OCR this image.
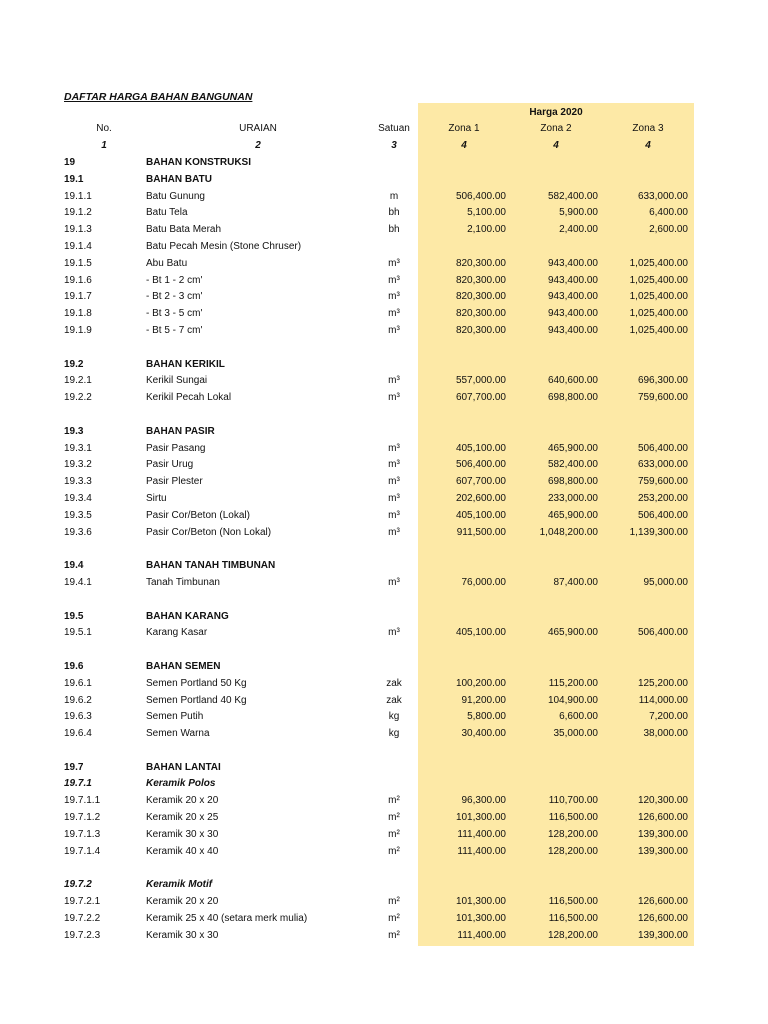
DAFTAR HARGA BAHAN BANGUNAN
Harga 2020
No.	URAIAN	Satuan	Zona 1	Zona 2	Zona 3
1	2	3	4	4	4
19	BAHAN KONSTRUKSI
19.1	BAHAN BATU
19.1.1	Batu Gunung	m	506,400.00	582,400.00	633,000.00
19.1.2	Batu Tela	bh	5,100.00	5,900.00	6,400.00
19.1.3	Batu Bata Merah	bh	2,100.00	2,400.00	2,600.00
19.1.4	Batu Pecah Mesin (Stone Chruser)
19.1.5	Abu Batu	m³	820,300.00	943,400.00	1,025,400.00
19.1.6	- Bt 1 - 2 cm'	m³	820,300.00	943,400.00	1,025,400.00
19.1.7	- Bt 2 - 3 cm'	m³	820,300.00	943,400.00	1,025,400.00
19.1.8	- Bt 3 - 5 cm'	m³	820,300.00	943,400.00	1,025,400.00
19.1.9	- Bt 5 - 7 cm'	m³	820,300.00	943,400.00	1,025,400.00
19.2	BAHAN KERIKIL
19.2.1	Kerikil Sungai	m³	557,000.00	640,600.00	696,300.00
19.2.2	Kerikil Pecah Lokal	m³	607,700.00	698,800.00	759,600.00
19.3	BAHAN PASIR
19.3.1	Pasir Pasang	m³	405,100.00	465,900.00	506,400.00
19.3.2	Pasir Urug	m³	506,400.00	582,400.00	633,000.00
19.3.3	Pasir Plester	m³	607,700.00	698,800.00	759,600.00
19.3.4	Sirtu	m³	202,600.00	233,000.00	253,200.00
19.3.5	Pasir Cor/Beton (Lokal)	m³	405,100.00	465,900.00	506,400.00
19.3.6	Pasir Cor/Beton (Non Lokal)	m³	911,500.00	1,048,200.00	1,139,300.00
19.4	BAHAN TANAH TIMBUNAN
19.4.1	Tanah Timbunan	m³	76,000.00	87,400.00	95,000.00
19.5	BAHAN KARANG
19.5.1	Karang Kasar	m³	405,100.00	465,900.00	506,400.00
19.6	BAHAN SEMEN
19.6.1	Semen Portland 50 Kg	zak	100,200.00	115,200.00	125,200.00
19.6.2	Semen Portland 40 Kg	zak	91,200.00	104,900.00	114,000.00
19.6.3	Semen Putih	kg	5,800.00	6,600.00	7,200.00
19.6.4	Semen Warna	kg	30,400.00	35,000.00	38,000.00
19.7	BAHAN LANTAI
19.7.1	Keramik Polos
19.7.1.1	Keramik 20 x 20	m²	96,300.00	110,700.00	120,300.00
19.7.1.2	Keramik 20 x 25	m²	101,300.00	116,500.00	126,600.00
19.7.1.3	Keramik 30 x 30	m²	111,400.00	128,200.00	139,300.00
19.7.1.4	Keramik 40 x 40	m²	111,400.00	128,200.00	139,300.00
19.7.2	Keramik Motif
19.7.2.1	Keramik 20 x 20	m²	101,300.00	116,500.00	126,600.00
19.7.2.2	Keramik 25 x 40 (setara merk mulia)	m²	101,300.00	116,500.00	126,600.00
19.7.2.3	Keramik 30 x 30	m²	111,400.00	128,200.00	139,300.00
